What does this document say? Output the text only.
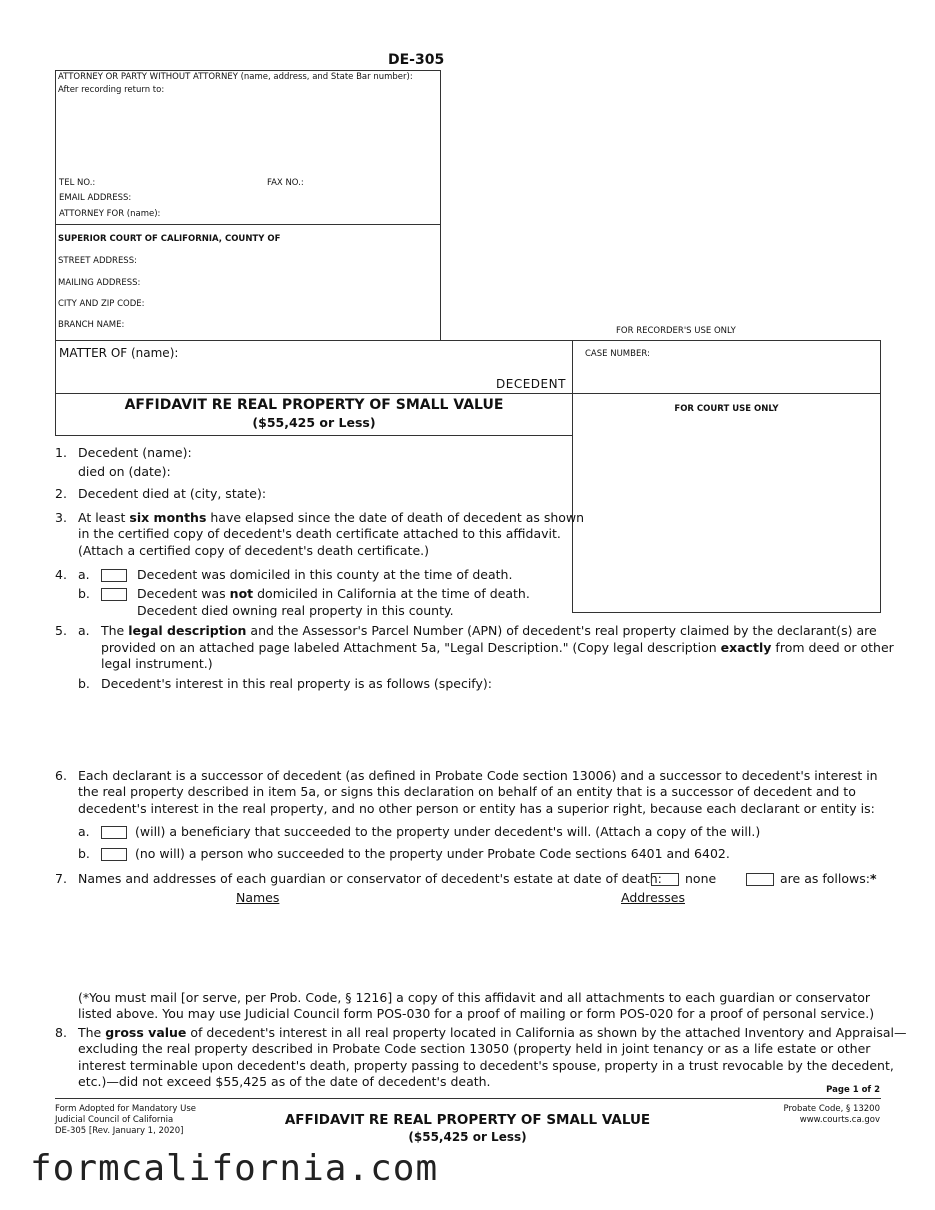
DE-305
ATTORNEY OR PARTY WITHOUT ATTORNEY (name, address, and State Bar number):
After recording return to:
TEL NO.:	FAX NO.:
EMAIL ADDRESS:
ATTORNEY FOR (name):
SUPERIOR COURT OF CALIFORNIA, COUNTY OF
STREET ADDRESS:
MAILING ADDRESS:
CITY AND ZIP CODE:
BRANCH NAME:
FOR RECORDER'S USE ONLY
MATTER OF (name):
DECEDENT
CASE NUMBER:
FOR COURT USE ONLY
AFFIDAVIT RE REAL PROPERTY OF SMALL VALUE
($55,425 or Less)
1. Decedent (name):
died on (date):
2. Decedent died at (city, state):
3. At least six months have elapsed since the date of death of decedent as shown
in the certified copy of decedent's death certificate attached to this affidavit.
(Attach a certified copy of decedent's death certificate.)
4. a.	Decedent was domiciled in this county at the time of death.
b.	Decedent was not domiciled in California at the time of death.
Decedent died owning real property in this county.
5. a. The legal description and the Assessor's Parcel Number (APN) of decedent's real property claimed by the declarant(s) are
provided on an attached page labeled Attachment 5a, "Legal Description." (Copy legal description exactly from deed or other
legal instrument.)
b. Decedent's interest in this real property is as follows (specify):
6. Each declarant is a successor of decedent (as defined in Probate Code section 13006) and a successor to decedent's interest in
the real property described in item 5a, or signs this declaration on behalf of an entity that is a successor of decedent and to
decedent's interest in the real property, and no other person or entity has a superior right, because each declarant or entity is:
a.	(will) a beneficiary that succeeded to the property under decedent's will. (Attach a copy of the will.)
b.	(no will) a person who succeeded to the property under Probate Code sections 6401 and 6402.
7. Names and addresses of each guardian or conservator of decedent's estate at date of death: none	are as follows:*
Names	Addresses
(*You must mail [or serve, per Prob. Code, § 1216] a copy of this affidavit and all attachments to each guardian or conservator
listed above. You may use Judicial Council form POS-030 for a proof of mailing or form POS-020 for a proof of personal service.)
8. The gross value of decedent's interest in all real property located in California as shown by the attached Inventory and Appraisal—
excluding the real property described in Probate Code section 13050 (property held in joint tenancy or as a life estate or other
interest terminable upon decedent's death, property passing to decedent's spouse, property in a trust revocable by the decedent,
etc.)—did not exceed $55,425 as of the date of decedent's death.
Page 1 of 2
Form Adopted for Mandatory Use
Judicial Council of California
DE-305 [Rev. January 1, 2020]
AFFIDAVIT RE REAL PROPERTY OF SMALL VALUE
($55,425 or Less)
Probate Code, § 13200
www.courts.ca.gov
formcalifornia.com
